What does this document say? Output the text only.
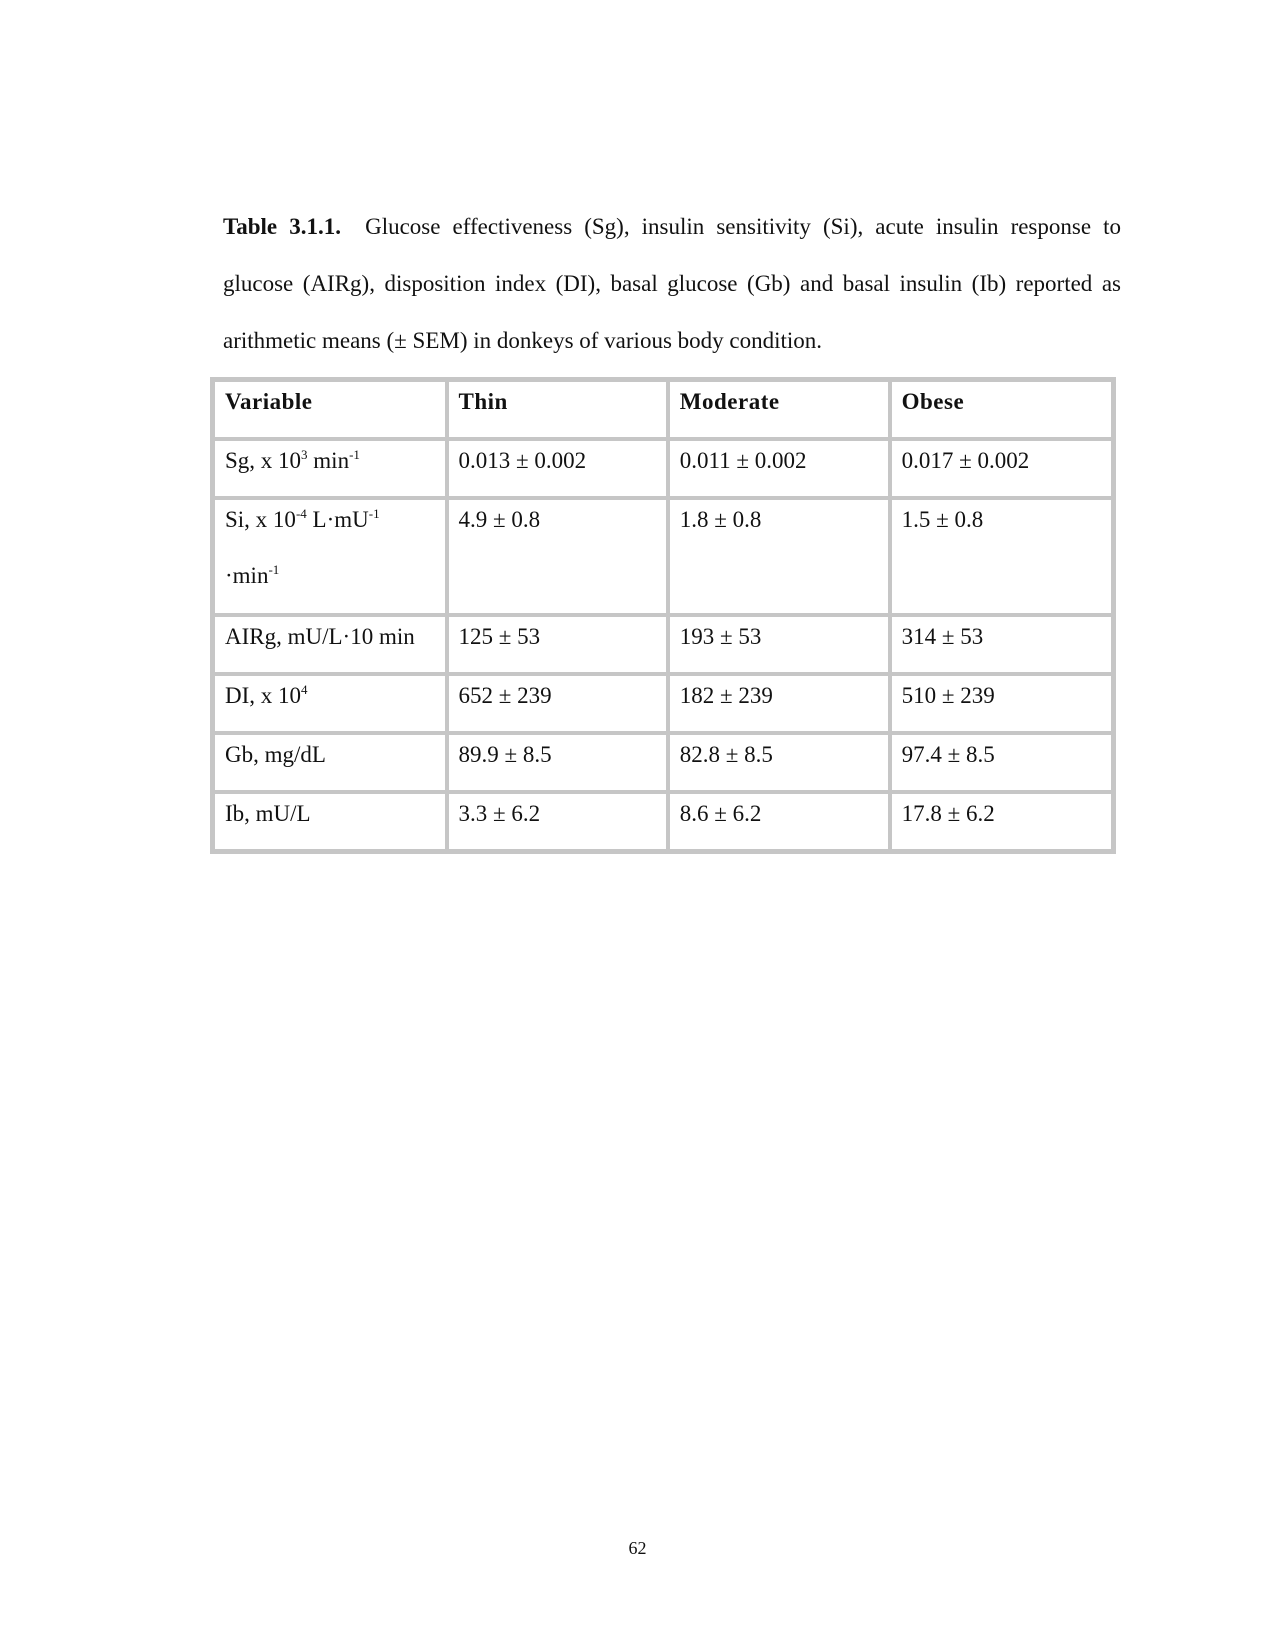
Table 3.1.1. Glucose effectiveness (Sg), insulin sensitivity (Si), acute insulin response to glucose (AIRg), disposition index (DI), basal glucose (Gb) and basal insulin (Ib) reported as arithmetic means (± SEM) in donkeys of various body condition.

Variable	Thin	Moderate	Obese
Sg, x $10^3$ $\min^{-1}$	0.013 ± 0.002	0.011 ± 0.002	0.017 ± 0.002
Si, x $10^{-4}$ $L\cdot mU^{-1}$
$\cdot\min^{-1}$	4.9 ± 0.8	1.8 ± 0.8	1.5 ± 0.8
AIRg, mU/L·10 min	125 ± 53	193 ± 53	314 ± 53
DI, x $10^4$	652 ± 239	182 ± 239	510 ± 239
Gb, mg/dL	89.9 ± 8.5	82.8 ± 8.5	97.4 ± 8.5
Ib, mU/L	3.3 ± 6.2	8.6 ± 6.2	17.8 ± 6.2
62
